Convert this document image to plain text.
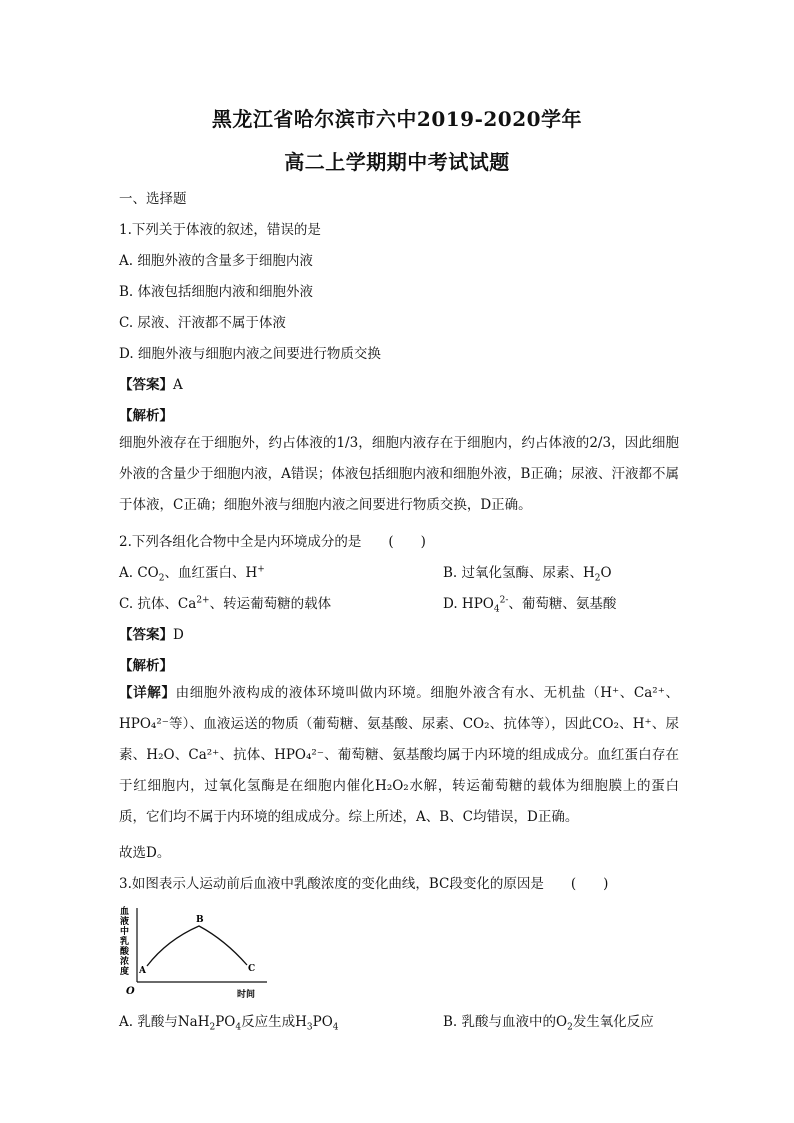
黑龙江省哈尔滨市六中2019-2020学年
高二上学期期中考试试题
一、选择题
1.下列关于体液的叙述，错误的是
A. 细胞外液的含量多于细胞内液
B. 体液包括细胞内液和细胞外液
C. 尿液、汗液都不属于体液
D. 细胞外液与细胞内液之间要进行物质交换
【答案】A
【解析】
细胞外液存在于细胞外，约占体液的1/3，细胞内液存在于细胞内，约占体液的2/3，因此细胞外液的含量少于细胞内液，A错误；体液包括细胞内液和细胞外液，B正确；尿液、汗液都不属于体液，C正确；细胞外液与细胞内液之间要进行物质交换，D正确。
2.下列各组化合物中全是内环境成分的是　　(　　)
A. $CO_2$、血红蛋白、H+	B. 过氧化氢酶、尿素、$H_2O$
C. 抗体、$Ca^{2+}$、转运葡萄糖的载体	D. $HPO_4^{2-}$、葡萄糖、氨基酸
【答案】D
【解析】
【详解】由细胞外液构成的液体环境叫做内环境。细胞外液含有水、无机盐（H⁺、Ca²⁺、HPO₄²⁻等）、血液运送的物质（葡萄糖、氨基酸、尿素、CO₂、抗体等），因此CO₂、H⁺、尿素、H₂O、Ca²⁺、抗体、HPO₄²⁻、葡萄糖、氨基酸均属于内环境的组成成分。血红蛋白存在于红细胞内，过氧化氢酶是在细胞内催化H₂O₂水解，转运葡萄糖的载体为细胞膜上的蛋白质，它们均不属于内环境的组成成分。综上所述，A、B、C均错误，D正确。
故选D。
3.如图表示人运动前后血液中乳酸浓度的变化曲线，BC段变化的原因是　　(　　)
血 液 中 乳 酸 浓 度
O	时间
A
B
C
A. 乳酸与$NaH_2PO_4$反应生成$H_3PO_4$	B. 乳酸与血液中的$O_2$发生氧化反应
